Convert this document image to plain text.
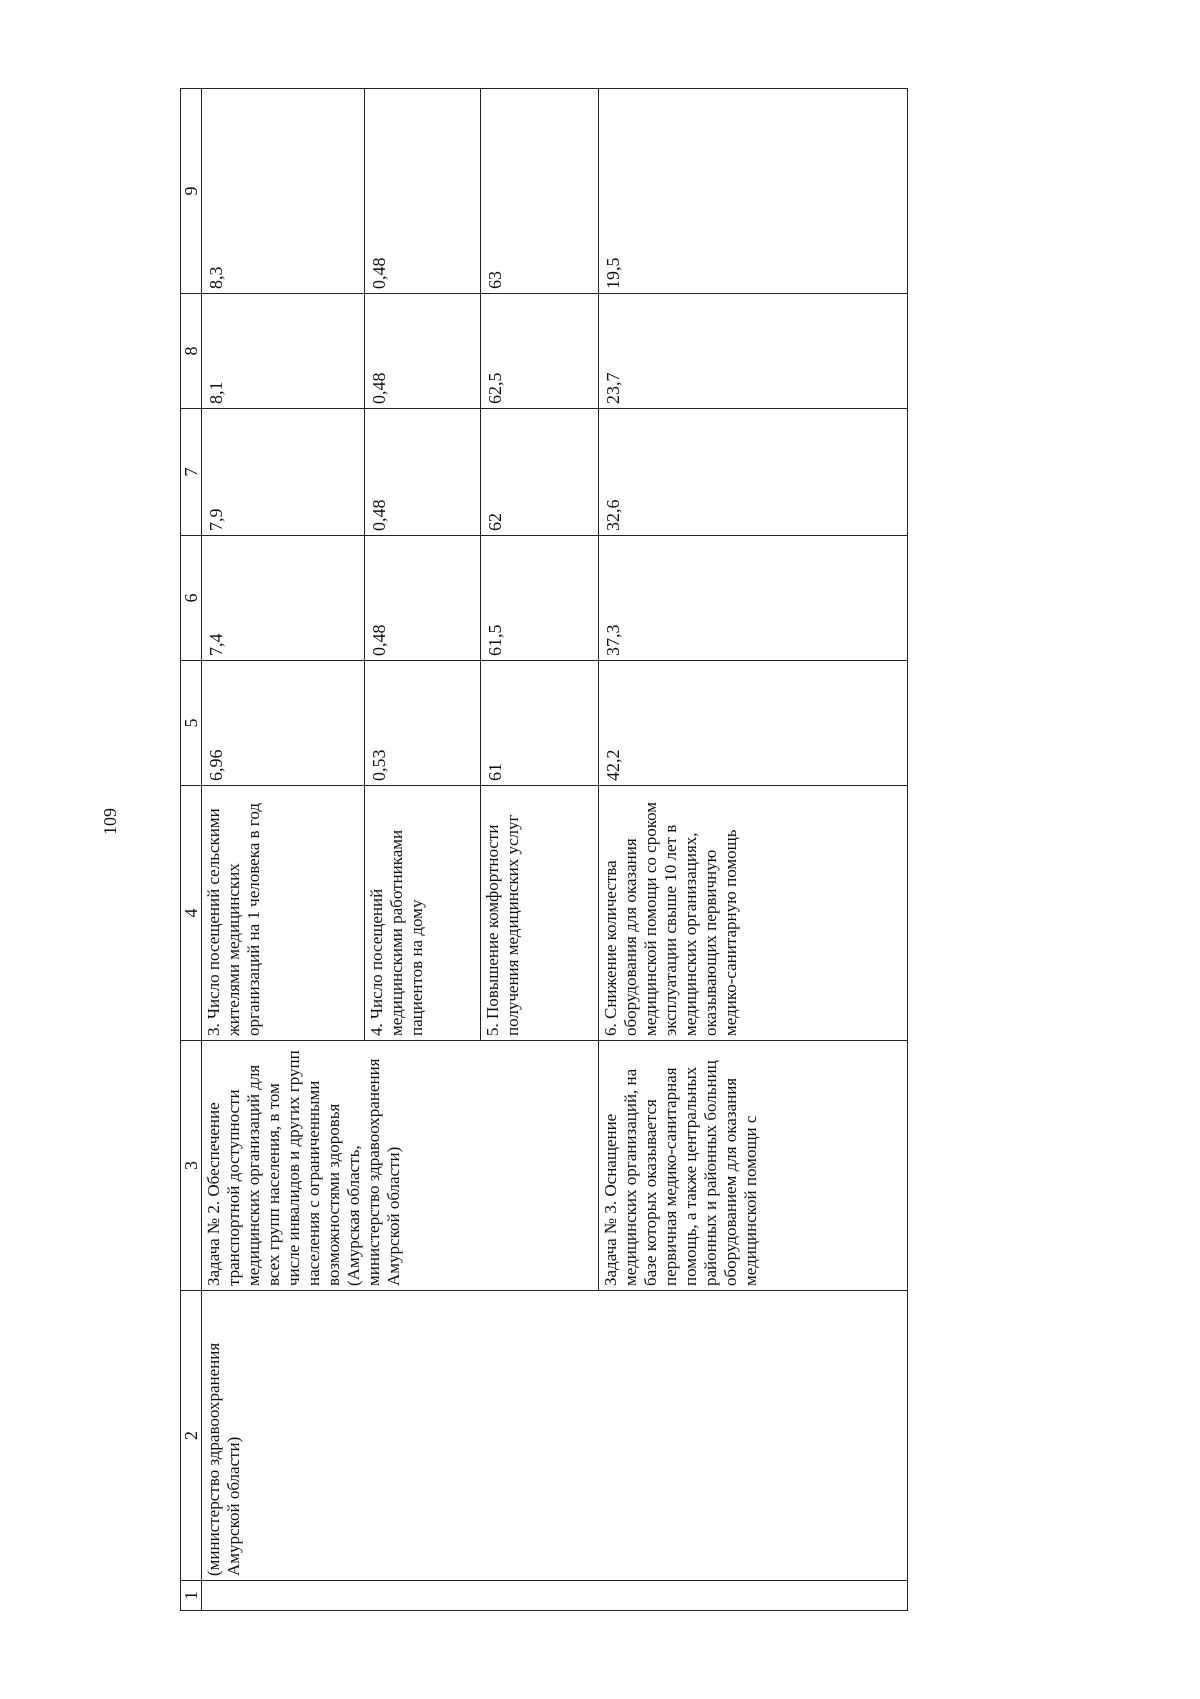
109
1	2	3	4	5	6	7	8	9
	(министерство здравоохранения Амурской области)	Задача № 2. Обеспечение транспортной доступности медицинских организаций для всех групп населения, в том числе инвалидов и других групп населения с ограниченными возможностями здоровья (Амурская область, министерство здравоохранения Амурской области)	3. Число посещений сельскими жителями медицинских организаций на 1 человека в год	6,96	7,4	7,9	8,1	8,3
			4. Число посещений медицинскими работниками пациентов на дому	0,53	0,48	0,48	0,48	0,48
			5. Повышение комфортности получения медицинских услуг	61	61,5	62	62,5	63
		Задача № 3. Оснащение медицинских организаций, на базе которых оказывается первичная медико-санитарная помощь, а также центральных районных и районных больниц оборудованием для оказания медицинской помощи с	6. Снижение количества оборудования для оказания медицинской помощи со сроком эксплуатации свыше 10 лет в медицинских организациях, оказывающих первичную медико-санитарную помощь	42,2	37,3	32,6	23,7	19,5
